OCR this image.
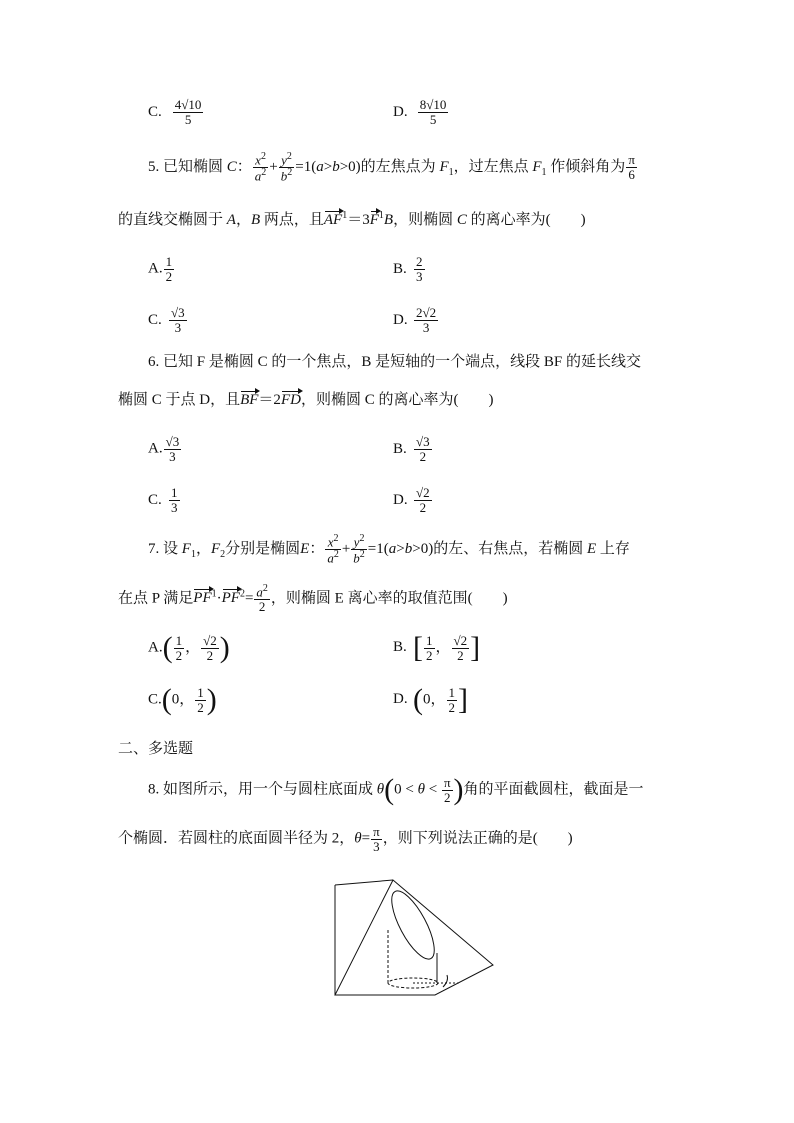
C. $\frac{4√10}{5}$	D. $\frac{8√10}{5}$
5. 已知椭圆 C： $\frac{x^2}{a^2} + \frac{y^2}{b^2} =1(a>b>0)$的左焦点为 $F_1$，过左焦点 $F_1$ 作倾斜角为 $\frac{\pi}{6}$
的直线交椭圆于 A，B 两点，且$AF^1=3F^1B$，则椭圆 C 的离心率为(　　)
A. $\frac{1}{2}$	B. $\frac{2}{3}$
C. $\frac{√3}{3}$	D. $\frac{2√2}{3}$
6. 已知 F 是椭圆 C 的一个焦点，B 是短轴的一个端点，线段 BF 的延长线交
椭圆 C 于点 D，且BF＝2FD，则椭圆 C 的离心率为(　　)
A. $\frac{√3}{3}$	B. $\frac{√3}{2}$
C. $\frac{1}{3}$	D. $\frac{√2}{2}$
7. 设 $F_1$，$F_2$分别是椭圆E： $\frac{x^2}{a^2} + \frac{y^2}{b^2} =1(a>b>0)$的左、右焦点，若椭圆 E 上存
在点 P 满足$PF^1\cdot PF^2= \frac{a^2}{2}$ ，则椭圆 E 离心率的取值范围(　　)
$A.( \frac{1}{2}$ ， $\frac{√2}{2}$ )	B. [ $\frac{1}{2}$ ， $\frac{√2}{2}$ ]
C.(0， $\frac{1}{2}$ )	D. (0， $\frac{1}{2}$ ]
二、多选题
8. 如图所示，用一个与圆柱底面成 $\theta(0 < \theta < \frac{\pi}{2}$ )角的平面截圆柱，截面是一
个椭圆．若圆柱的底面圆半径为 2，$\theta= \frac{\pi}{3}$ ，则下列说法正确的是(　　)
